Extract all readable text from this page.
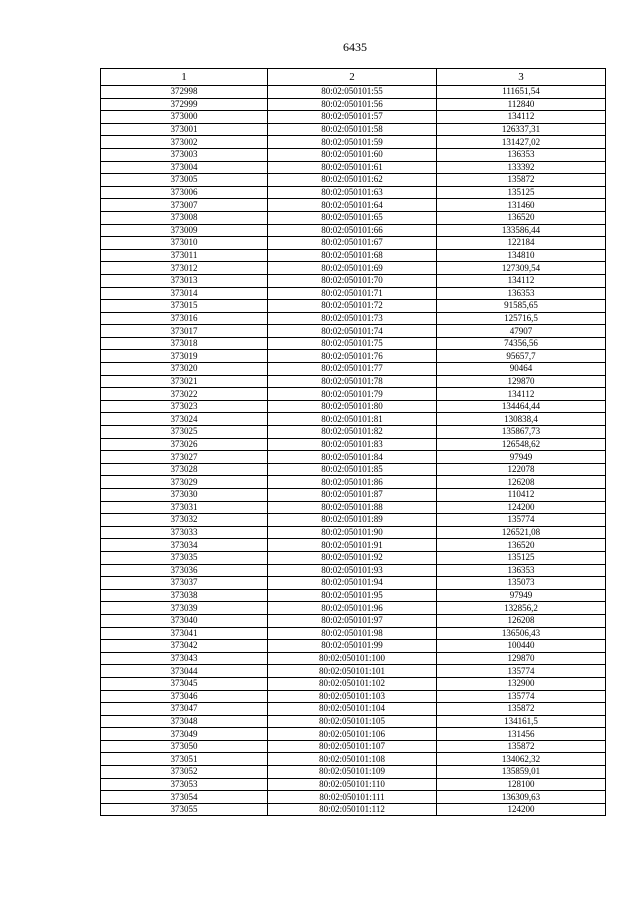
6435
1	2	3
372998	80:02:050101:55	111651,54
372999	80:02:050101:56	112840
373000	80:02:050101:57	134112
373001	80:02:050101:58	126337,31
373002	80:02:050101:59	131427,02
373003	80:02:050101:60	136353
373004	80:02:050101:61	133392
373005	80:02:050101:62	135872
373006	80:02:050101:63	135125
373007	80:02:050101:64	131460
373008	80:02:050101:65	136520
373009	80:02:050101:66	133586,44
373010	80:02:050101:67	122184
373011	80:02:050101:68	134810
373012	80:02:050101:69	127309,54
373013	80:02:050101:70	134112
373014	80:02:050101:71	136353
373015	80:02:050101:72	91585,65
373016	80:02:050101:73	125716,5
373017	80:02:050101:74	47907
373018	80:02:050101:75	74356,56
373019	80:02:050101:76	95657,7
373020	80:02:050101:77	90464
373021	80:02:050101:78	129870
373022	80:02:050101:79	134112
373023	80:02:050101:80	134464,44
373024	80:02:050101:81	130838,4
373025	80:02:050101:82	135867,73
373026	80:02:050101:83	126548,62
373027	80:02:050101:84	97949
373028	80:02:050101:85	122078
373029	80:02:050101:86	126208
373030	80:02:050101:87	110412
373031	80:02:050101:88	124200
373032	80:02:050101:89	135774
373033	80:02:050101:90	126521,08
373034	80:02:050101:91	136520
373035	80:02:050101:92	135125
373036	80:02:050101:93	136353
373037	80:02:050101:94	135073
373038	80:02:050101:95	97949
373039	80:02:050101:96	132856,2
373040	80:02:050101:97	126208
373041	80:02:050101:98	136506,43
373042	80:02:050101:99	100440
373043	80:02:050101:100	129870
373044	80:02:050101:101	135774
373045	80:02:050101:102	132900
373046	80:02:050101:103	135774
373047	80:02:050101:104	135872
373048	80:02:050101:105	134161,5
373049	80:02:050101:106	131456
373050	80:02:050101:107	135872
373051	80:02:050101:108	134062,32
373052	80:02:050101:109	135859,01
373053	80:02:050101:110	128100
373054	80:02:050101:111	136309,63
373055	80:02:050101:112	124200
